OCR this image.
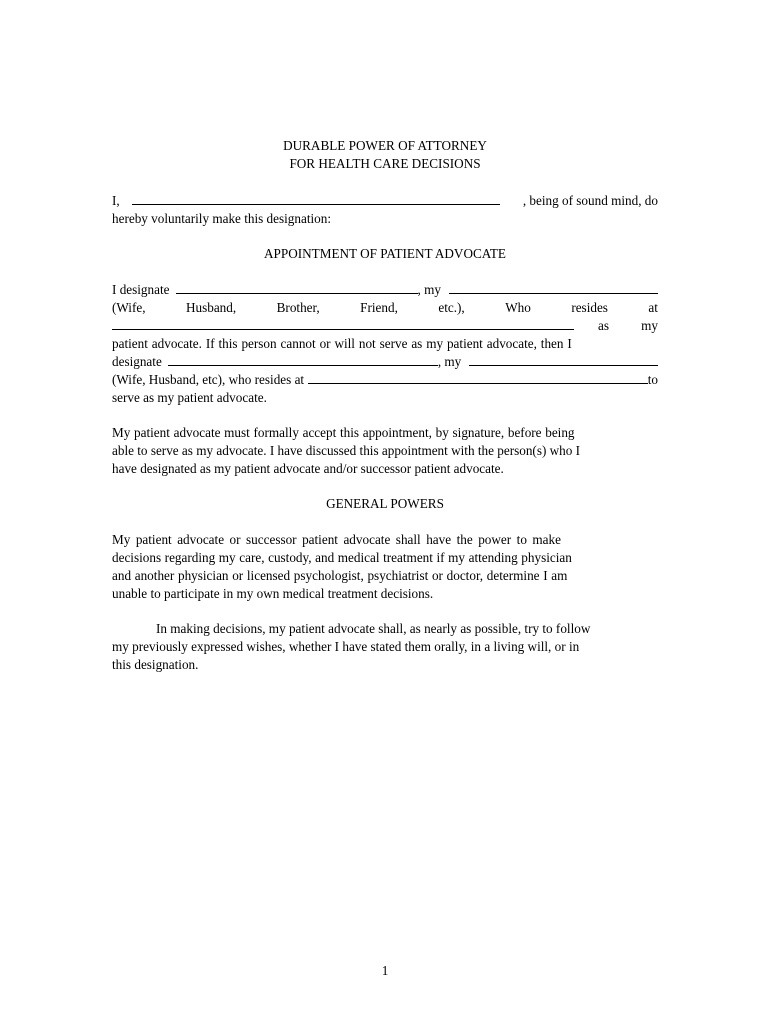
DURABLE POWER OF ATTORNEY
FOR HEALTH CARE DECISIONS
I,	, being of sound mind, do
hereby voluntarily make this designation:
APPOINTMENT OF PATIENT ADVOCATE
I designate	, my
(Wife,	Husband,	Brother,	Friend,	etc.),	Who	resides	at
as my
patient advocate. If this person cannot or will not serve as my patient advocate, then I
designate	, my
(Wife, Husband, etc), who resides at	to
serve as my patient advocate.
My patient advocate must formally accept this appointment, by signature, before being
able to serve as my advocate. I have discussed this appointment with the person(s) who I
have designated as my patient advocate and/or successor patient advocate.
GENERAL POWERS
My patient advocate or successor patient advocate shall have the power to make
decisions regarding my care, custody, and medical treatment if my attending physician
and another physician or licensed psychologist, psychiatrist or doctor, determine I am
unable to participate in my own medical treatment decisions.
In making decisions, my patient advocate shall, as nearly as possible, try to follow
my previously expressed wishes, whether I have stated them orally, in a living will, or in
this designation.
1
